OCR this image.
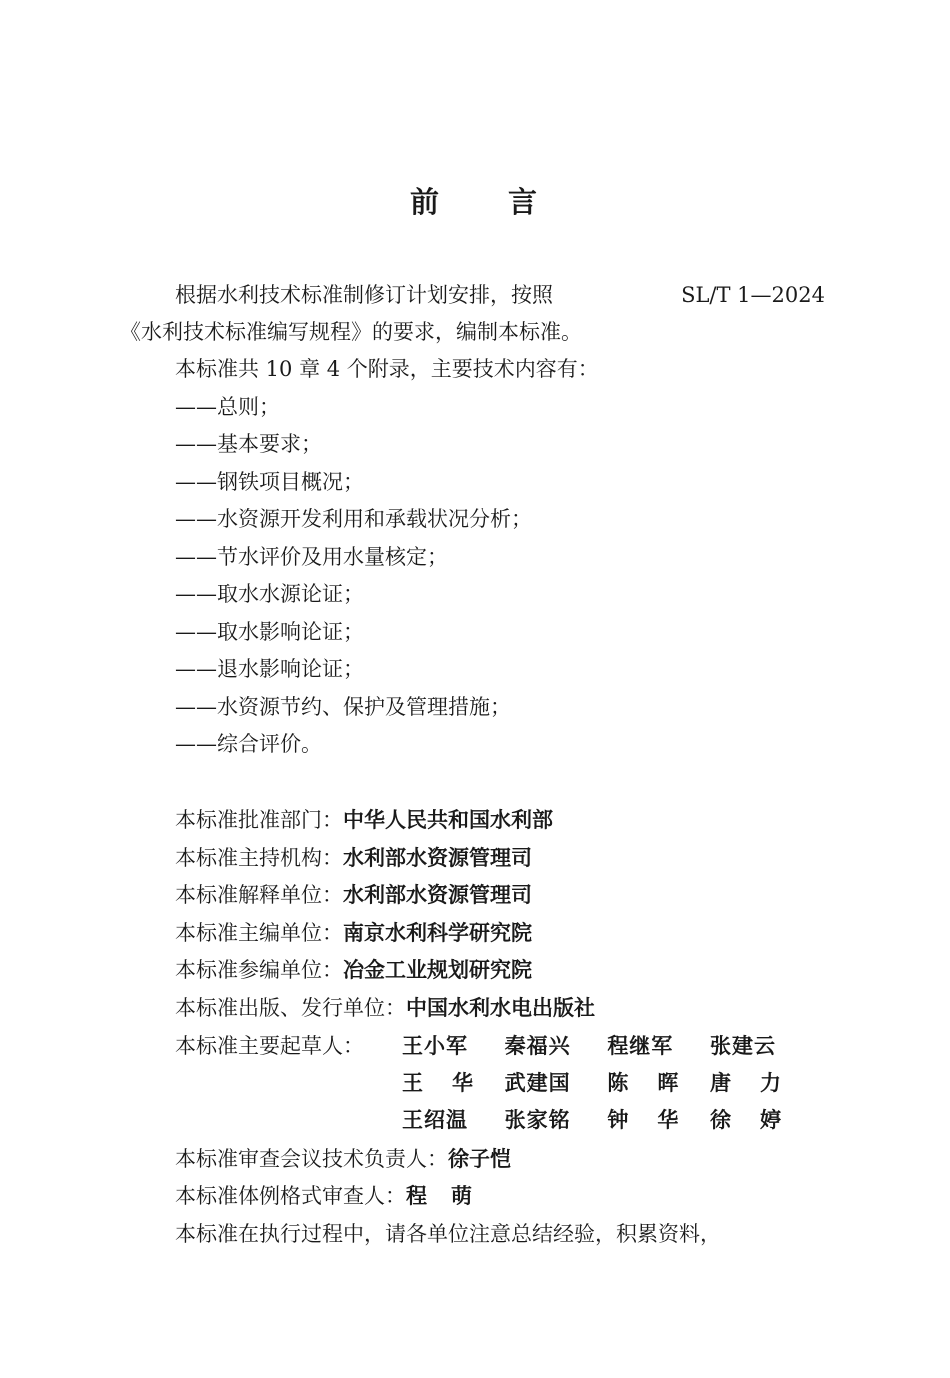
前 言
根据水利技术标准制修订计划安排，按照	SL/T 1—2024
《水利技术标准编写规程》的要求，编制本标准。
本标准共 10 章 4 个附录，主要技术内容有：
——总则；
——基本要求；
——钢铁项目概况；
——水资源开发利用和承载状况分析；
——节水评价及用水量核定；
——取水水源论证；
——取水影响论证；
——退水影响论证；
——水资源节约、保护及管理措施；
——综合评价。
本标准批准部门：中华人民共和国水利部
本标准主持机构：水利部水资源管理司
本标准解释单位：水利部水资源管理司
本标准主编单位：南京水利科学研究院
本标准参编单位：冶金工业规划研究院
本标准出版、发行单位：中国水利水电出版社
本标准主要起草人： 王小军 秦福兴 程继军 张建云
王 华 武建国 陈 晖 唐 力
王绍温 张家铭 钟 华 徐 婷
本标准审查会议技术负责人：徐子恺
本标准体例格式审查人：程 萌
本标准在执行过程中，请各单位注意总结经验，积累资料，
